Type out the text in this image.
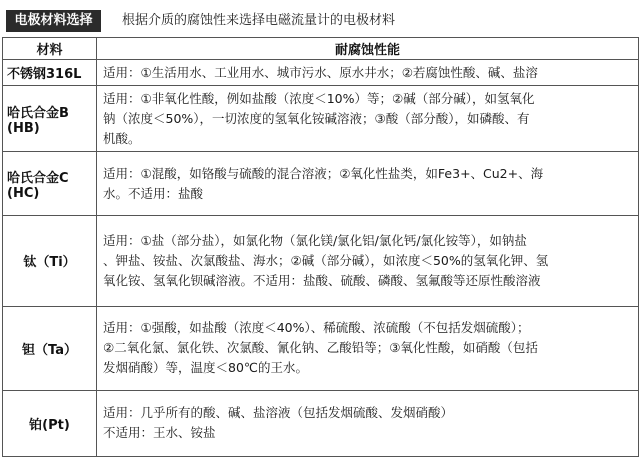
电极材料选择	根据介质的腐蚀性来选择电磁流量计的电极材料
材料	耐腐蚀性能
不锈钢316L	适用：①生活用水、工业用水、城市污水、原水井水；②若腐蚀性酸、碱、盐溶

哈氏合金B (HB)	适用：①非氧化性酸，例如盐酸（浓度＜10%）等；②碱（部分碱），如氢氧化
钠（浓度＜50%），一切浓度的氢氧化铵碱溶液；③酸（部分酸），如磷酸、有
机酸。

哈氏合金C (HC)	适用：①混酸，如铬酸与硫酸的混合溶液；②氧化性盐类，如Fe3+、Cu2+、海
水。不适用：盐酸

钛（Ti）	适用：①盐（部分盐），如氯化物（氯化镁/氯化铝/氯化钙/氯化铵等），如钠盐
、钾盐、铵盐、次氯酸盐、海水；②碱（部分碱），如浓度＜50%的氢氧化钾、氢
氧化铵、氢氧化钡碱溶液。不适用：盐酸、硫酸、磷酸、氢氟酸等还原性酸溶液

钽（Ta）	适用：①强酸，如盐酸（浓度＜40%）、稀硫酸、浓硫酸（不包括发烟硫酸）；
②二氧化氯、氯化铁、次氯酸、氰化钠、乙酸铅等；③氧化性酸，如硝酸（包括
发烟硝酸）等，温度＜80℃的王水。

铂(Pt)	适用：几乎所有的酸、碱、盐溶液（包括发烟硫酸、发烟硝酸）
不适用：王水、铵盐
